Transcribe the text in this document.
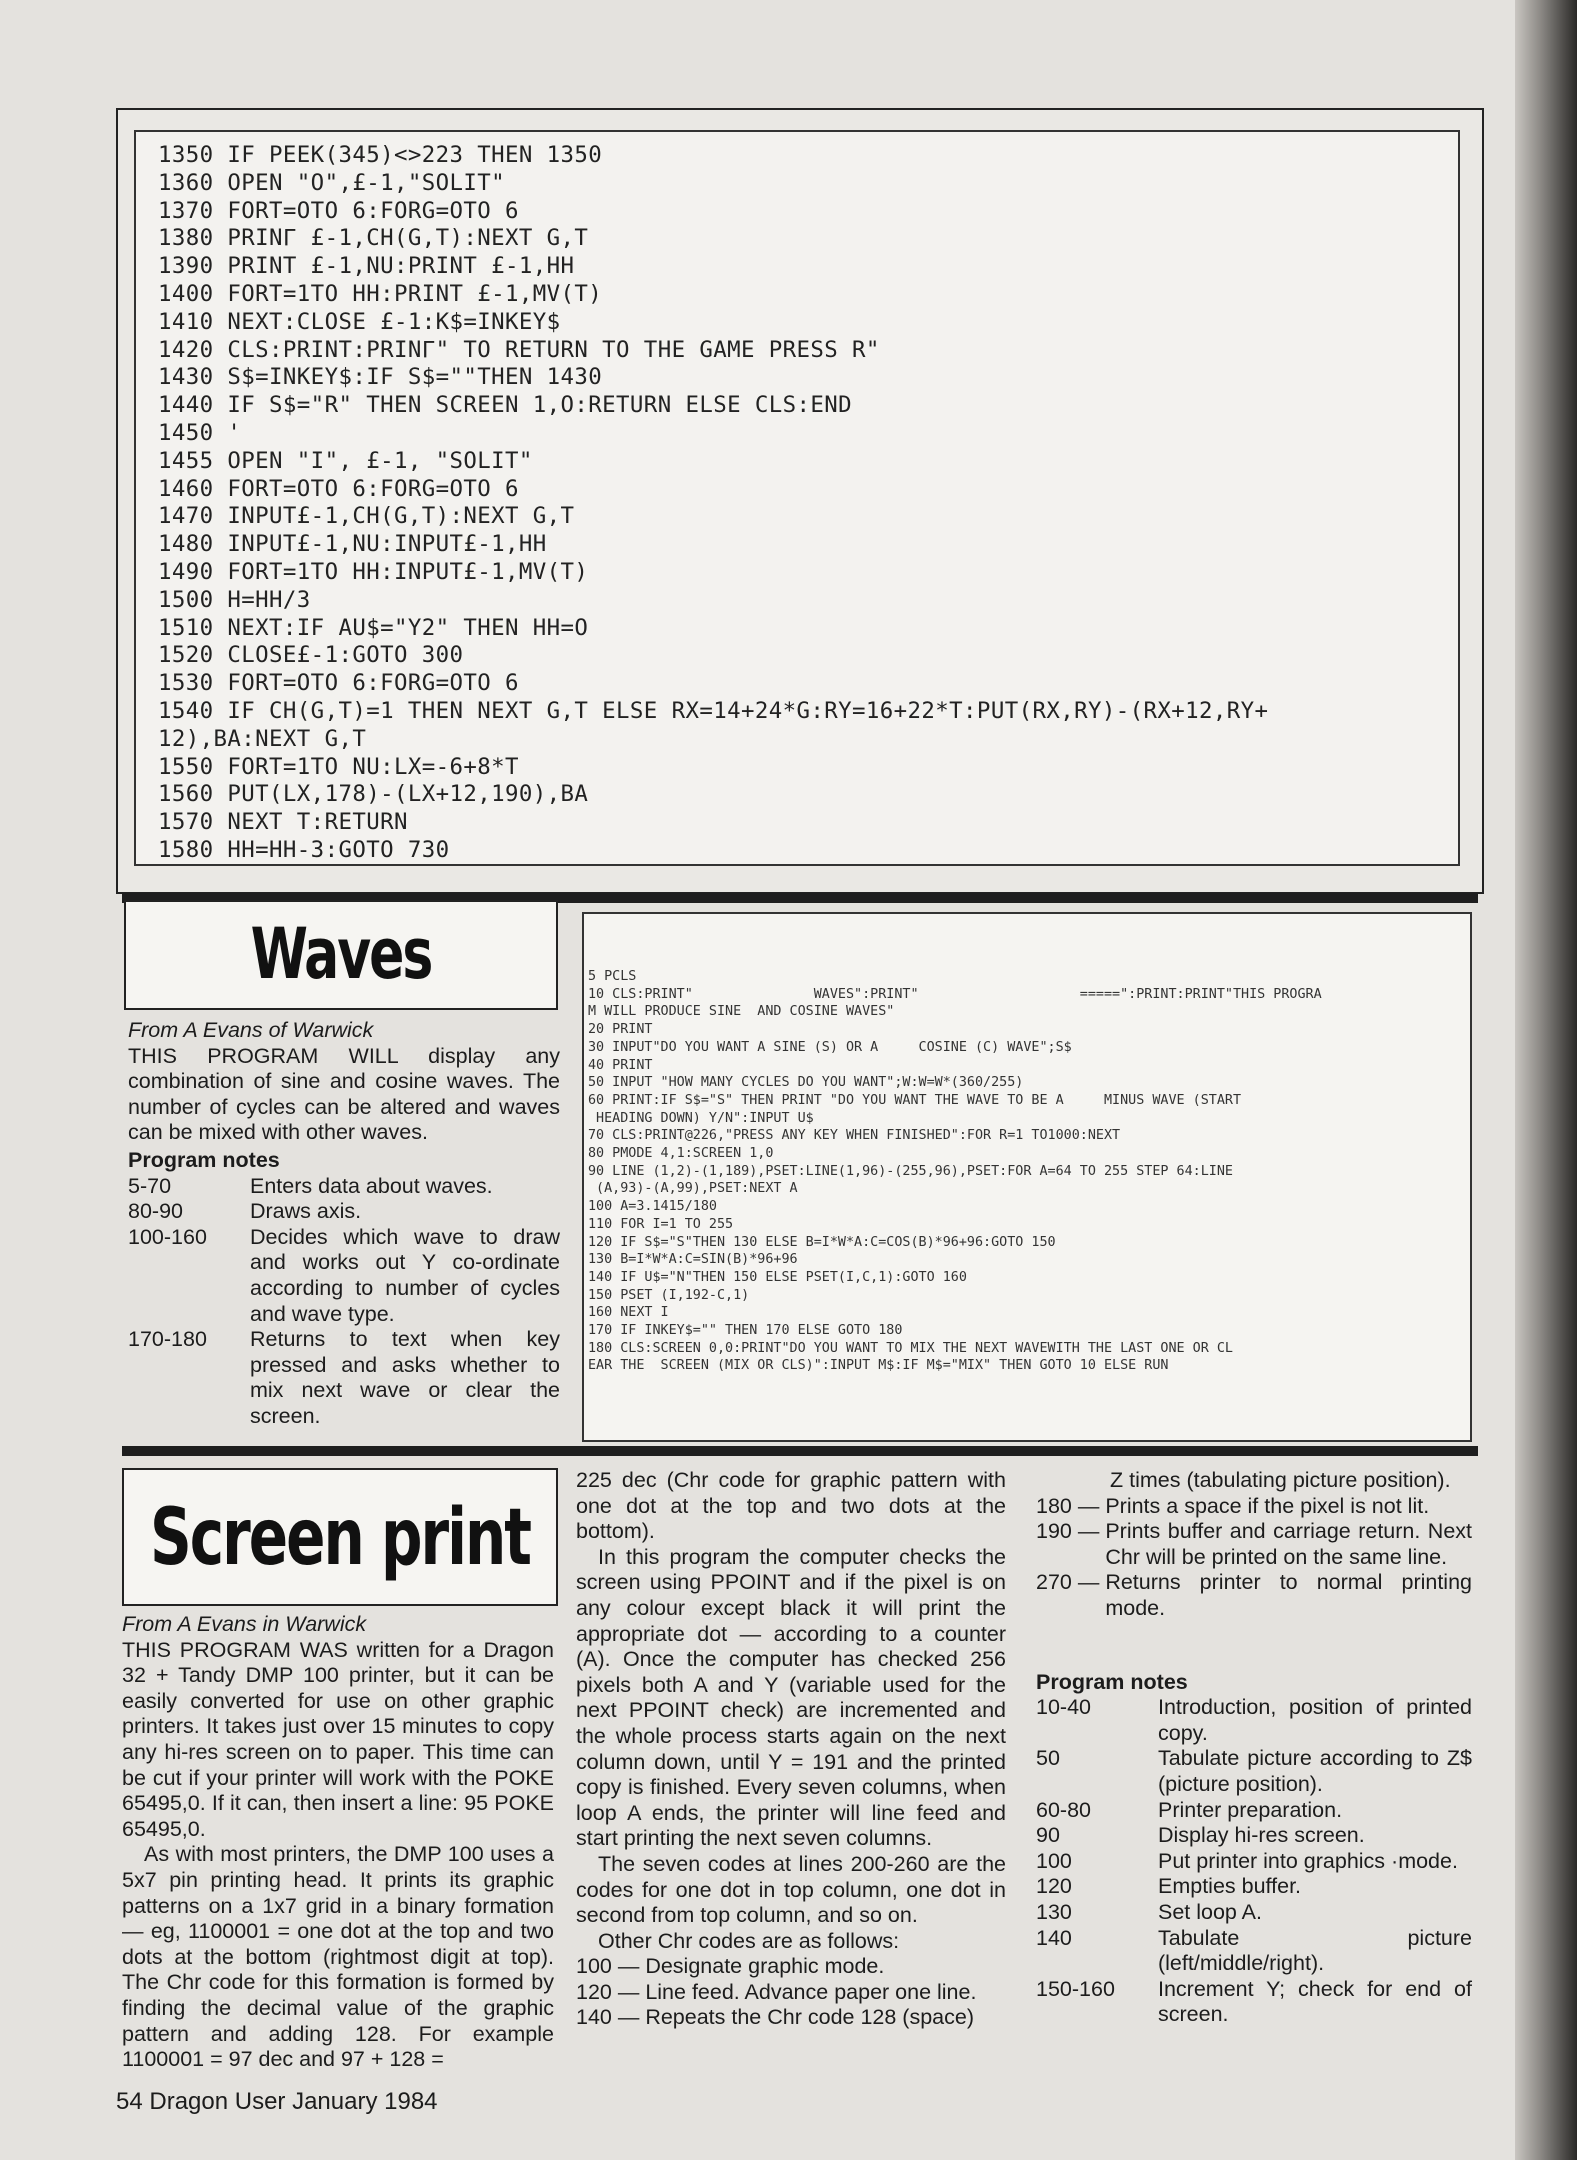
1350 IF PEEK(345)<>223 THEN 1350
1360 OPEN "O",£-1,"SOLIT"
1370 FORT=OTO 6:FORG=OTO 6
1380 PRINΓ £-1,CH(G,T):NEXT G,T
1390 PRINT £-1,NU:PRINT £-1,HH
1400 FORT=1TO HH:PRINT £-1,MV(T)
1410 NEXT:CLOSE £-1:K$=INKEY$
1420 CLS:PRINT:PRINΓ" TO RETURN TO THE GAME PRESS R"
1430 S$=INKEY$:IF S$=""THEN 1430
1440 IF S$="R" THEN SCREEN 1,O:RETURN ELSE CLS:END
1450 '
1455 OPEN "I", £-1, "SOLIT"
1460 FORT=OTO 6:FORG=OTO 6
1470 INPUT£-1,CH(G,T):NEXT G,T
1480 INPUT£-1,NU:INPUT£-1,HH
1490 FORT=1TO HH:INPUT£-1,MV(T)
1500 H=HH/3
1510 NEXT:IF AU$="Y2" THEN HH=O
1520 CLOSE£-1:GOTO 300
1530 FORT=OTO 6:FORG=OTO 6
1540 IF CH(G,T)=1 THEN NEXT G,T ELSE RX=14+24*G:RY=16+22*T:PUT(RX,RY)-(RX+12,RY+
12),BA:NEXT G,T
1550 FORT=1TO NU:LX=-6+8*T
1560 PUT(LX,178)-(LX+12,190),BA
1570 NEXT T:RETURN
1580 HH=HH-3:GOTO 730
Waves
From A Evans of Warwick

THIS PROGRAM WILL display any combination of sine and cosine waves. The number of cycles can be altered and waves can be mixed with other waves.

Program notes
5-70	Enters data about waves.
80-90	Draws axis.
100-160	Decides which wave to draw and works out Y co-ordinate according to number of cycles and wave type.
170-180	Returns to text when key pressed and asks whether to mix next wave or clear the screen.
5 PCLS
10 CLS:PRINT"               WAVES":PRINT"                    =====":PRINT:PRINT"THIS PROGRA
M WILL PRODUCE SINE  AND COSINE WAVES"
20 PRINT
30 INPUT"DO YOU WANT A SINE (S) OR A     COSINE (C) WAVE";S$
40 PRINT
50 INPUT "HOW MANY CYCLES DO YOU WANT";W:W=W*(360/255)
60 PRINT:IF S$="S" THEN PRINT "DO YOU WANT THE WAVE TO BE A     MINUS WAVE (START
HEADING DOWN) Y/N":INPUT U$
70 CLS:PRINT@226,"PRESS ANY KEY WHEN FINISHED":FOR R=1 TO1000:NEXT
80 PMODE 4,1:SCREEN 1,0
90 LINE (1,2)-(1,189),PSET:LINE(1,96)-(255,96),PSET:FOR A=64 TO 255 STEP 64:LINE
(A,93)-(A,99),PSET:NEXT A
100 A=3.1415/180
110 FOR I=1 TO 255
120 IF S$="S"THEN 130 ELSE B=I*W*A:C=COS(B)*96+96:GOTO 150
130 B=I*W*A:C=SIN(B)*96+96
140 IF U$="N"THEN 150 ELSE PSET(I,C,1):GOTO 160
150 PSET (I,192-C,1)
160 NEXT I
170 IF INKEY$="" THEN 170 ELSE GOTO 180
180 CLS:SCREEN 0,0:PRINT"DO YOU WANT TO MIX THE NEXT WAVEWITH THE LAST ONE OR CL
EAR THE  SCREEN (MIX OR CLS)":INPUT M$:IF M$="MIX" THEN GOTO 10 ELSE RUN
Screen print
From A Evans in Warwick

THIS PROGRAM WAS written for a Dragon 32 + Tandy DMP 100 printer, but it can be easily converted for use on other graphic printers. It takes just over 15 minutes to copy any hi-res screen on to paper. This time can be cut if your printer will work with the POKE 65495,0. If it can, then insert a line: 95 POKE 65495,0.

As with most printers, the DMP 100 uses a 5x7 pin printing head. It prints its graphic patterns on a 1x7 grid in a binary formation — eg, 1100001 = one dot at the top and two dots at the bottom (rightmost digit at top). The Chr code for this formation is formed by finding the decimal value of the graphic pattern and adding 128. For example 1100001 = 97 dec and 97 + 128 =

225 dec (Chr code for graphic pattern with one dot at the top and two dots at the bottom).

In this program the computer checks the screen using PPOINT and if the pixel is on any colour except black it will print the appropriate dot — according to a counter (A). Once the computer has checked 256 pixels both A and Y (variable used for the next PPOINT check) are incremented and the whole process starts again on the next column down, until Y = 191 and the printed copy is finished. Every seven columns, when loop A ends, the printer will line feed and start printing the next seven columns.

The seven codes at lines 200-260 are the codes for one dot in top column, one dot in second from top column, and so on.

Other Chr codes are as follows:

100 — Designate graphic mode.
120 — Line feed. Advance paper one line.
140 — Repeats the Chr code 128 (space)
Z times (tabulating picture position).
180 — Prints a space if the pixel is not lit.
190 — Prints buffer and carriage return. Next Chr will be printed on the same line.
270 — Returns printer to normal printing mode.
Program notes
10-40	Introduction, position of printed copy.
50	Tabulate picture according to Z$ (picture position).
60-80	Printer preparation.
90	Display hi-res screen.
100	Put printer into graphics ·mode.
120	Empties buffer.
130	Set loop A.
140	Tabulate picture (left/middle/right).
150-160	Increment Y; check for end of screen.
54 Dragon User January 1984
